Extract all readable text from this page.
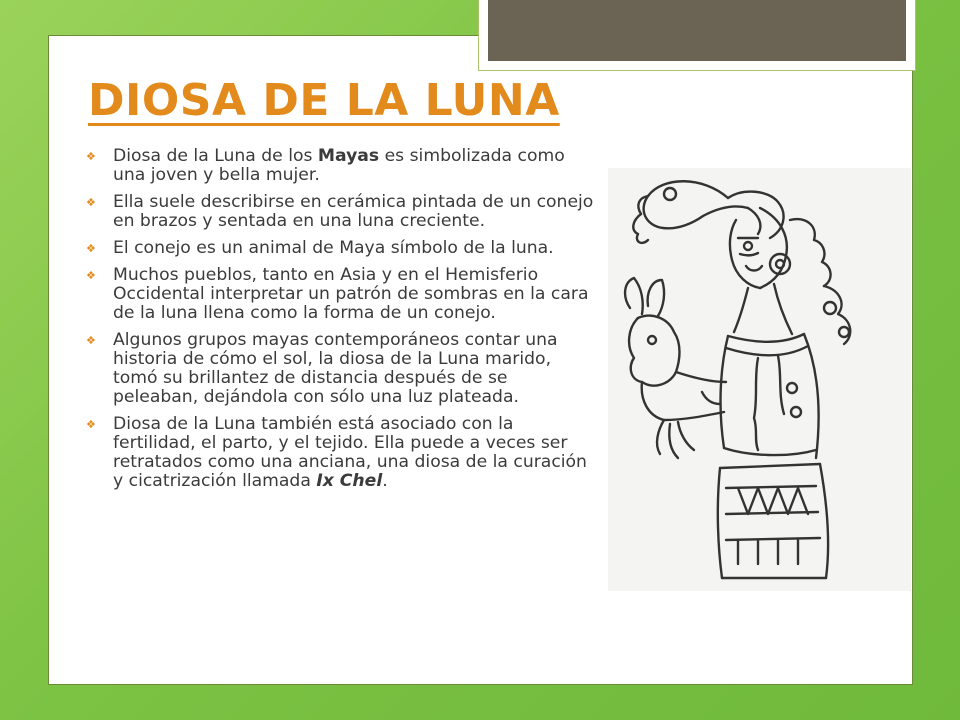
DIOSA DE LA LUNA
❖ Diosa de la Luna de los Mayas es simbolizada como una joven y bella mujer.
❖ Ella suele describirse en cerámica pintada de un conejo en brazos y sentada en una luna creciente.
❖ El conejo es un animal de Maya símbolo de la luna.
❖ Muchos pueblos, tanto en Asia y en el Hemisferio Occidental interpretar un patrón de sombras en la cara de la luna llena como la forma de un conejo.
❖ Algunos grupos mayas contemporáneos contar una historia de cómo el sol, la diosa de la Luna marido, tomó su brillantez de distancia después de se peleaban, dejándola con sólo una luz plateada.
❖ Diosa de la Luna también está asociado con la fertilidad, el parto, y el tejido. Ella puede a veces ser retratados como una anciana, una diosa de la curación y cicatrización llamada Ix Chel.
